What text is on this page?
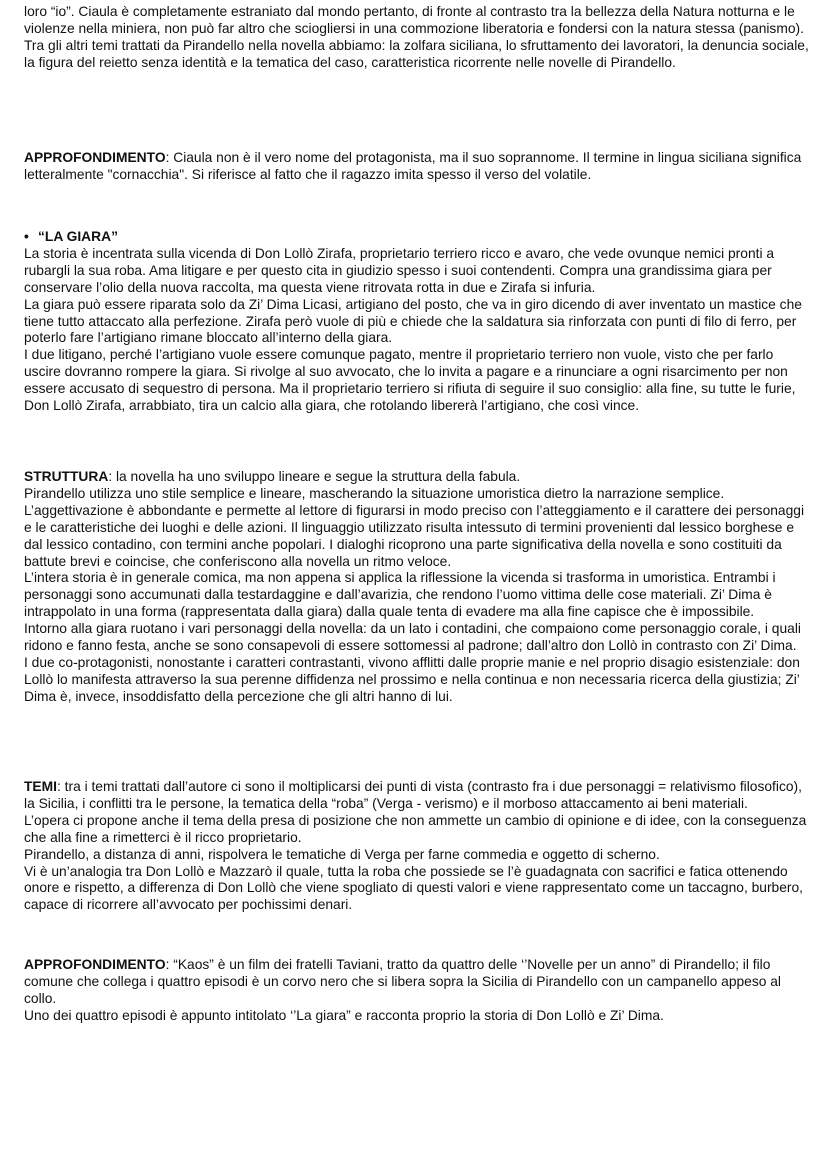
loro “io”. Ciaula è completamente estraniato dal mondo pertanto, di fronte al contrasto tra la bellezza della Natura notturna e le violenze nella miniera, non può far altro che sciogliersi in una commozione liberatoria e fondersi con la natura stessa (panismo).

Tra gli altri temi trattati da Pirandello nella novella abbiamo: la zolfara siciliana, lo sfruttamento dei lavoratori, la denuncia sociale, la figura del reietto senza identità e la tematica del caso, caratteristica ricorrente nelle novelle di Pirandello.

APPROFONDIMENTO: Ciaula non è il vero nome del protagonista, ma il suo soprannome. Il termine in lingua siciliana significa letteralmente "cornacchia". Si riferisce al fatto che il ragazzo imita spesso il verso del volatile.

• “LA GIARA”

La storia è incentrata sulla vicenda di Don Lollò Zirafa, proprietario terriero ricco e avaro, che vede ovunque nemici pronti a rubargli la sua roba. Ama litigare e per questo cita in giudizio spesso i suoi contendenti. Compra una grandissima giara per conservare l’olio della nuova raccolta, ma questa viene ritrovata rotta in due e Zirafa si infuria.

La giara può essere riparata solo da Zi’ Dima Licasi, artigiano del posto, che va in giro dicendo di aver inventato un mastice che tiene tutto attaccato alla perfezione. Zirafa però vuole di più e chiede che la saldatura sia rinforzata con punti di filo di ferro, per poterlo fare l’artigiano rimane bloccato all’interno della giara.

I due litigano, perché l’artigiano vuole essere comunque pagato, mentre il proprietario terriero non vuole, visto che per farlo uscire dovranno rompere la giara. Si rivolge al suo avvocato, che lo invita a pagare e a rinunciare a ogni risarcimento per non essere accusato di sequestro di persona. Ma il proprietario terriero si rifiuta di seguire il suo consiglio: alla fine, su tutte le furie, Don Lollò Zirafa, arrabbiato, tira un calcio alla giara, che rotolando libererà l’artigiano, che così vince.

STRUTTURA: la novella ha uno sviluppo lineare e segue la struttura della fabula.

Pirandello utilizza uno stile semplice e lineare, mascherando la situazione umoristica dietro la narrazione semplice. L’aggettivazione è abbondante e permette al lettore di figurarsi in modo preciso con l’atteggiamento e il carattere dei personaggi e le caratteristiche dei luoghi e delle azioni. Il linguaggio utilizzato risulta intessuto di termini provenienti dal lessico borghese e dal lessico contadino, con termini anche popolari. I dialoghi ricoprono una parte significativa della novella e sono costituiti da battute brevi e coincise, che conferiscono alla novella un ritmo veloce.

L’intera storia è in generale comica, ma non appena si applica la riflessione la vicenda si trasforma in umoristica. Entrambi i personaggi sono accumunati dalla testardaggine e dall’avarizia, che rendono l’uomo vittima delle cose materiali. Zi’ Dima è intrappolato in una forma (rappresentata dalla giara) dalla quale tenta di evadere ma alla fine capisce che è impossibile.

Intorno alla giara ruotano i vari personaggi della novella: da un lato i contadini, che compaiono come personaggio corale, i quali ridono e fanno festa, anche se sono consapevoli di essere sottomessi al padrone; dall’altro don Lollò in contrasto con Zi’ Dima.

I due co-protagonisti, nonostante i caratteri contrastanti, vivono afflitti dalle proprie manie e nel proprio disagio esistenziale: don Lollò lo manifesta attraverso la sua perenne diffidenza nel prossimo e nella continua e non necessaria ricerca della giustizia; Zi’ Dima è, invece, insoddisfatto della percezione che gli altri hanno di lui.

TEMI: tra i temi trattati dall’autore ci sono il moltiplicarsi dei punti di vista (contrasto fra i due personaggi = relativismo filosofico), la Sicilia, i conflitti tra le persone, la tematica della “roba” (Verga - verismo) e il morboso attaccamento ai beni materiali.

L’opera ci propone anche il tema della presa di posizione che non ammette un cambio di opinione e di idee, con la conseguenza che alla fine a rimetterci è il ricco proprietario.

Pirandello, a distanza di anni, rispolvera le tematiche di Verga per farne commedia e oggetto di scherno.

Vi è un’analogia tra Don Lollò e Mazzarò il quale, tutta la roba che possiede se l’è guadagnata con sacrifici e fatica ottenendo onore e rispetto, a differenza di Don Lollò che viene spogliato di questi valori e viene rappresentato come un taccagno, burbero, capace di ricorrere all’avvocato per pochissimi denari.

APPROFONDIMENTO: “Kaos” è un film dei fratelli Taviani, tratto da quattro delle ‘’Novelle per un anno” di Pirandello; il filo comune che collega i quattro episodi è un corvo nero che si libera sopra la Sicilia di Pirandello con un campanello appeso al collo.

Uno dei quattro episodi è appunto intitolato ‘’La giara” e racconta proprio la storia di Don Lollò e Zi’ Dima.
